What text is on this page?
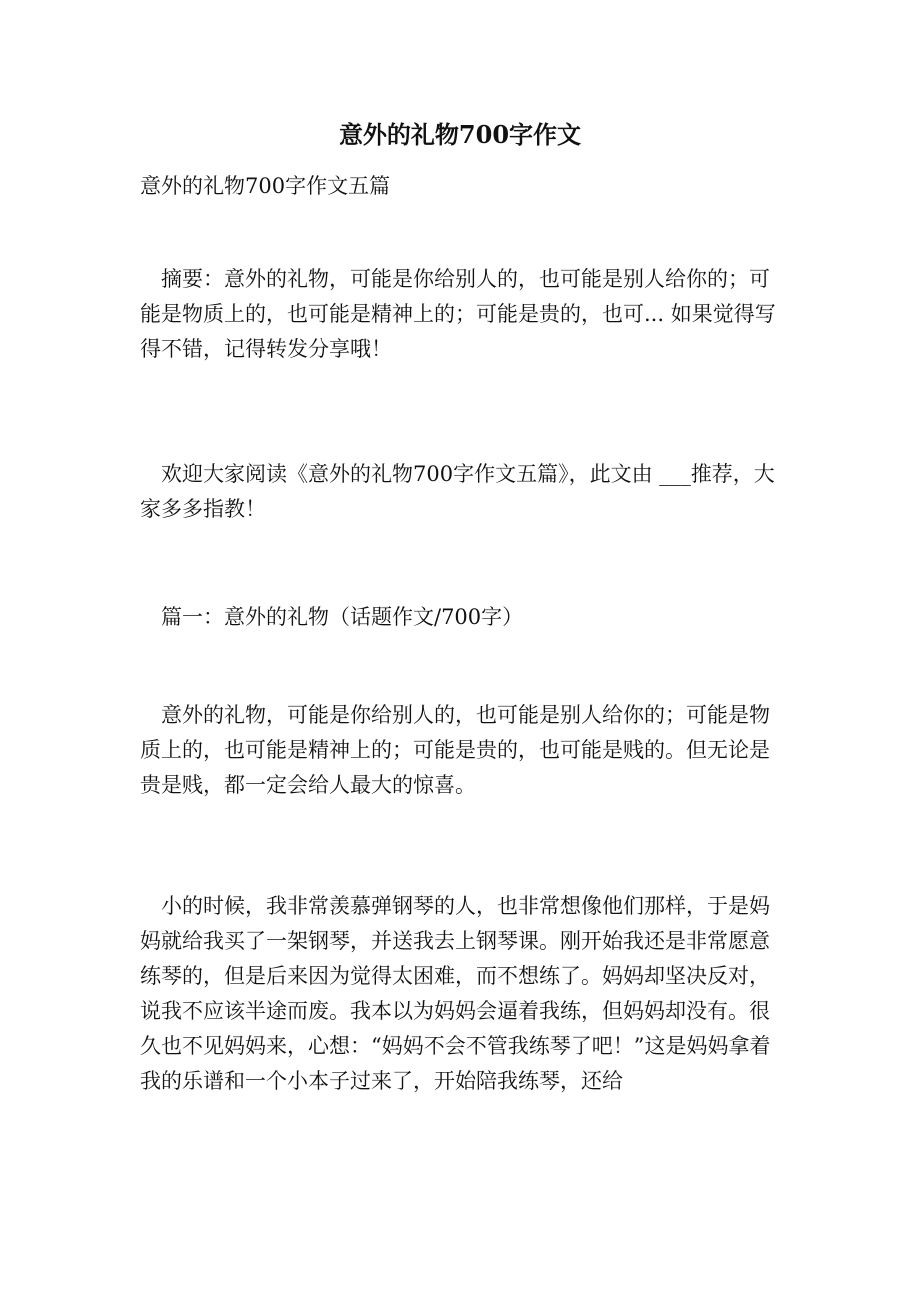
意外的礼物700字作文
意外的礼物700字作文五篇
摘要：意外的礼物，可能是你给别人的，也可能是别人给你的；可能是物质上的，也可能是精神上的；可能是贵的，也可... 如果觉得写得不错，记得转发分享哦！
欢迎大家阅读《意外的礼物700字作文五篇》，此文由 ___推荐，大家多多指教！
篇一：意外的礼物（话题作文/700字）
意外的礼物，可能是你给别人的，也可能是别人给你的；可能是物质上的，也可能是精神上的；可能是贵的，也可能是贱的。但无论是贵是贱，都一定会给人最大的惊喜。
小的时候，我非常羡慕弹钢琴的人，也非常想像他们那样，于是妈妈就给我买了一架钢琴，并送我去上钢琴课。刚开始我还是非常愿意练琴的，但是后来因为觉得太困难，而不想练了。妈妈却坚决反对，说我不应该半途而废。我本以为妈妈会逼着我练，但妈妈却没有。很久也不见妈妈来，心想：“妈妈不会不管我练琴了吧！”这是妈妈拿着我的乐谱和一个小本子过来了，开始陪我练琴，还给
